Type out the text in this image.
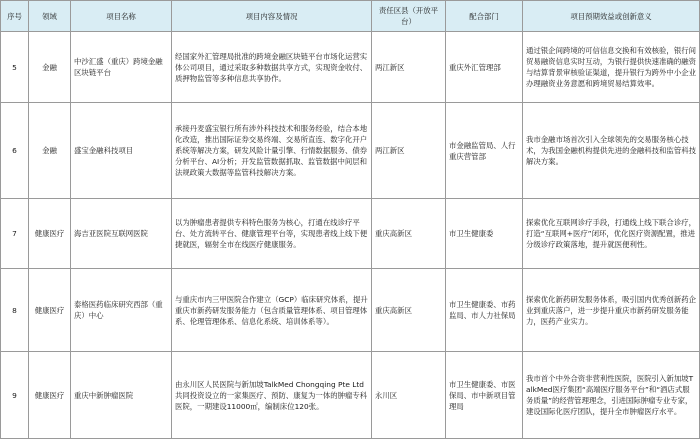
序号	领域	项目名称	项目内容及情况	责任区县（开放平台）	配合部门	项目预期效益或创新意义
5	金融	中沙汇盛（重庆）跨境金融区块链平台	经国家外汇管理局批准的跨境金融区块链平台市场化运营实体公司项目，通过采取多种数据共享方式，实现资金收付、质押物监管等多种信息共享协作。	两江新区	重庆外汇管理部	通过银企间跨境的可信信息交换和有效核验，银行间贸易融资信息实时互动，为银行提供快速准确的融资与结算背景审核验证渠道，提升银行为跨外中小企业办理融资业务意愿和跨境贸易结算效率。
6	金融	盛宝金融科技项目	承接丹麦盛宝银行所有涉外科技技术和服务经验，结合本地化改造，推出国际证券交易终端、交易所直连、数字化开户系统等解决方案，研发风险计量引擎、行情数据服务、债券分析平台、AI分析；开发监管数据抓取、监管数据中间层和法规政策大数据等监管科技解决方案。	两江新区	市金融监管局、人行重庆营管部	我市金融市场首次引入全球领先的交易服务核心技术，为我国金融机构提供先进的金融科技和监管科技解决方案。
7	健康医疗	海吉亚医院互联网医院	以为肿瘤患者提供专科特色服务为核心，打通在线诊疗平台、处方流转平台、健康管理平台等，实现患者线上线下便捷就医，辐射全市在线医疗健康服务。	重庆高新区	市卫生健康委	探索优化互联网诊疗手段，打通线上线下联合诊疗，打造“互联网+医疗”闭环，优化医疗资源配置，推进分级诊疗政策落地，提升就医便利性。
8	健康医疗	泰格医药临床研究西部（重庆）中心	与重庆市内三甲医院合作建立（GCP）临床研究体系，提升重庆市新药研发服务能力（包含质量管理体系、项目管理体系、伦理管理体系、信息化系统、培训体系等）。	重庆高新区	市卫生健康委、市药监局、市人力社保局	探索优化新药研发服务体系，吸引国内优秀创新药企业到重庆落户，进一步提升重庆市新药研发服务能力，医药产业实力。
9	健康医疗	重庆中新肿瘤医院	由永川区人民医院与新加坡TalkMed Chongqing Pte Ltd共同投资设立的一家集医疗、预防、康复为一体的肿瘤专科医院，一期建设11000㎡，编制床位120张。	永川区	市卫生健康委、市医保局、市中新项目管理局	我市首个中外合资非营利性医院，医院引入新加坡TalkMed医疗集团“高端医疗服务平台”和“酒店式服务质量”的经营管理理念，引进国际肿瘤专业专家，建设国际化医疗团队，提升全市肿瘤医疗水平。
